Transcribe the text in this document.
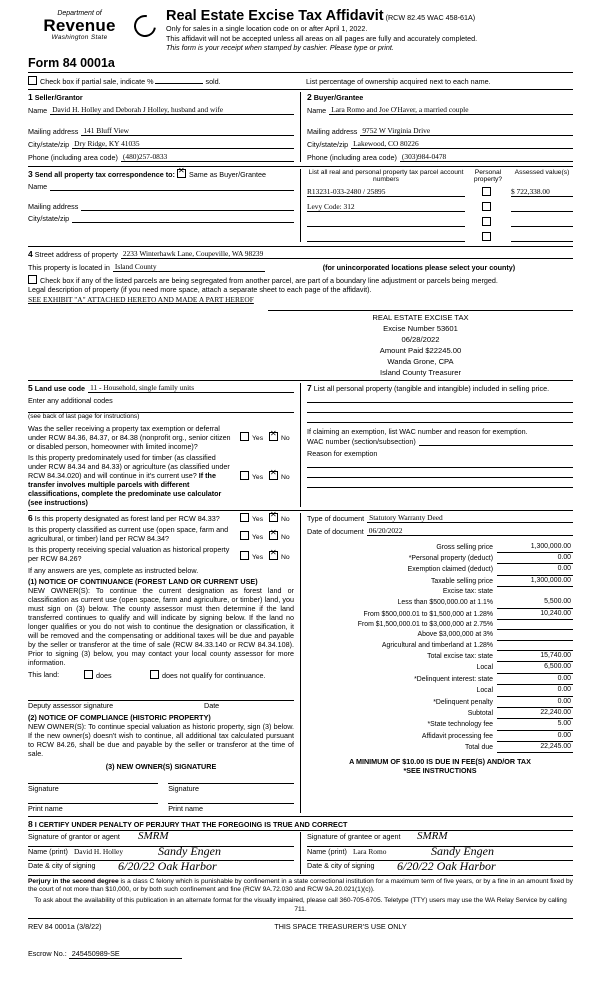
Department of
Revenue
Washington State
Real Estate Excise Tax Affidavit (RCW 82.45 WAC 458-61A)
Only for sales in a single location code on or after April 1, 2022.
This affidavit will not be accepted unless all areas on all pages are fully and accurately completed.
This form is your receipt when stamped by cashier. Please type or print.
Form 84 0001a
Check box if partial sale, indicate %	sold.	List percentage of ownership acquired next to each name.
1 Seller/Grantor
Name David H. Holley and Deborah J Holley, husband and wife
Mailing address 141 Bluff View
City/state/zip Dry Ridge, KY 41035
Phone (including area code) (480)257-0833
2 Buyer/Grantee
Name Lara Romo and Joe O'Haver, a married couple
Mailing address 9752 W Virginia Drive
City/state/zip Lakewood, CO 80226
Phone (including area code) (303)984-0478
3 Send all property tax correspondence to: ✕ Same as Buyer/Grantee
Name
Mailing address
City/state/zip
List all real and personal property tax parcel account numbers
Personal property?
Assessed value(s)
R13231-033-2480 / 25895	$ 722,338.00
Levy Code: 312
4 Street address of property 2233 Winterhawk Lane, Coupeville, WA 98239
This property is located in Island County	(for unincorporated locations please select your county)
Check box if any of the listed parcels are being segregated from another parcel, are part of a boundary line adjustment or parcels being merged.
Legal description of property (if you need more space, attach a separate sheet to each page of the affidavit).
SEE EXHIBIT "A" ATTACHED HERETO AND MADE A PART HEREOF
REAL ESTATE EXCISE TAX
Excise Number 53601
06/28/2022
Amount Paid $22245.00
Wanda Grone, CPA
Island County Treasurer
5 Land use code 11 - Household, single family units
Enter any additional codes
(see back of last page for instructions)
Was the seller receiving a property tax exemption or deferral under RCW 84.36, 84.37, or 84.38 (nonprofit org., senior citizen or disabled person, homeowner with limited income)?
Yes ✕	No
Is this property predominately used for timber (as classified under RCW 84.34 and 84.33) or agriculture (as classified under RCW 84.34.020) and will continue in it's current use? If the transfer involves multiple parcels with different classifications, complete the predominate use calculator (see instructions)
Yes ✕	No
7 List all personal property (tangible and intangible) included in selling price.
If claiming an exemption, list WAC number and reason for exemption.
WAC number (section/subsection)
Reason for exemption
6 Is this property designated as forest land per RCW 84.33?	Yes ✕	No
Is this property classified as current use (open space, farm and agricultural, or timber) land per RCW 84.34?	Yes ✕	No
Is this property receiving special valuation as historical property per RCW 84.26?	Yes ✕	No
If any answers are yes, complete as instructed below.
(1) NOTICE OF CONTINUANCE (FOREST LAND OR CURRENT USE)
NEW OWNER(S): To continue the current designation as forest land or classification as current use (open space, farm and agriculture, or timber) land, you must sign on (3) below. The county assessor must then determine if the land transferred continues to qualify and will indicate by signing below. If the land no longer qualifies or you do not wish to continue the designation or classification, it will be removed and the compensating or additional taxes will be due and payable by the seller or transferor at the time of sale (RCW 84.33.140 or RCW 84.34.108). Prior to signing (3) below, you may contact your local county assessor for more information.
This land:	does	does not qualify for continuance.
Deputy assessor signature	Date
(2) NOTICE OF COMPLIANCE (HISTORIC PROPERTY)
NEW OWNER(S): To continue special valuation as historic property, sign (3) below. If the new owner(s) doesn't wish to continue, all additional tax calculated pursuant to RCW 84.26, shall be due and payable by the seller or transferor at the time of sale.
(3) NEW OWNER(S) SIGNATURE
Signature	Signature
Print name	Print name
Type of document Statutory Warranty Deed
Date of document 06/20/2022
Gross selling price	1,300,000.00
*Personal property (deduct)	0.00
Exemption claimed (deduct)	0.00
Taxable selling price	1,300,000.00
Excise tax: state
Less than $500,000.00 at 1.1%	5,500.00
From $500,000.01 to $1,500,000 at 1.28%	10,240.00
From $1,500,000.01 to $3,000,000 at 2.75%
Above $3,000,000 at 3%
Agricultural and timberland at 1.28%
Total excise tax: state	15,740.00
Local	6,500.00
*Delinquent interest: state	0.00
Local	0.00
*Delinquent penalty	0.00
Subtotal	22,240.00
*State technology fee	5.00
Affidavit processing fee	0.00
Total due	22,245.00
A MINIMUM OF $10.00 IS DUE IN FEE(S) AND/OR TAX
*SEE INSTRUCTIONS
8 I CERTIFY UNDER PENALTY OF PERJURY THAT THE FOREGOING IS TRUE AND CORRECT
Signature of grantor or agent SMRM
Name (print) David H. Holley	Sandy Engen
Date & city of signing 6/20/22 Oak Harbor
Signature of grantee or agent SMRM
Name (print) Lara Romo	Sandy Engen
Date & city of signing 6/20/22 Oak Harbor
Perjury in the second degree is a class C felony which is punishable by confinement in a state correctional institution for a maximum term of five years, or by a fine in an amount fixed by the court of not more than $10,000, or by both such confinement and fine (RCW 9A.72.030 and RCW 9A.20.021(1)(c)).
To ask about the availability of this publication in an alternate format for the visually impaired, please call 360-705-6705. Teletype (TTY) users may use the WA Relay Service by calling 711.
REV 84 0001a (3/8/22)	THIS SPACE TREASURER'S USE ONLY
Escrow No.: 245450989-SE
